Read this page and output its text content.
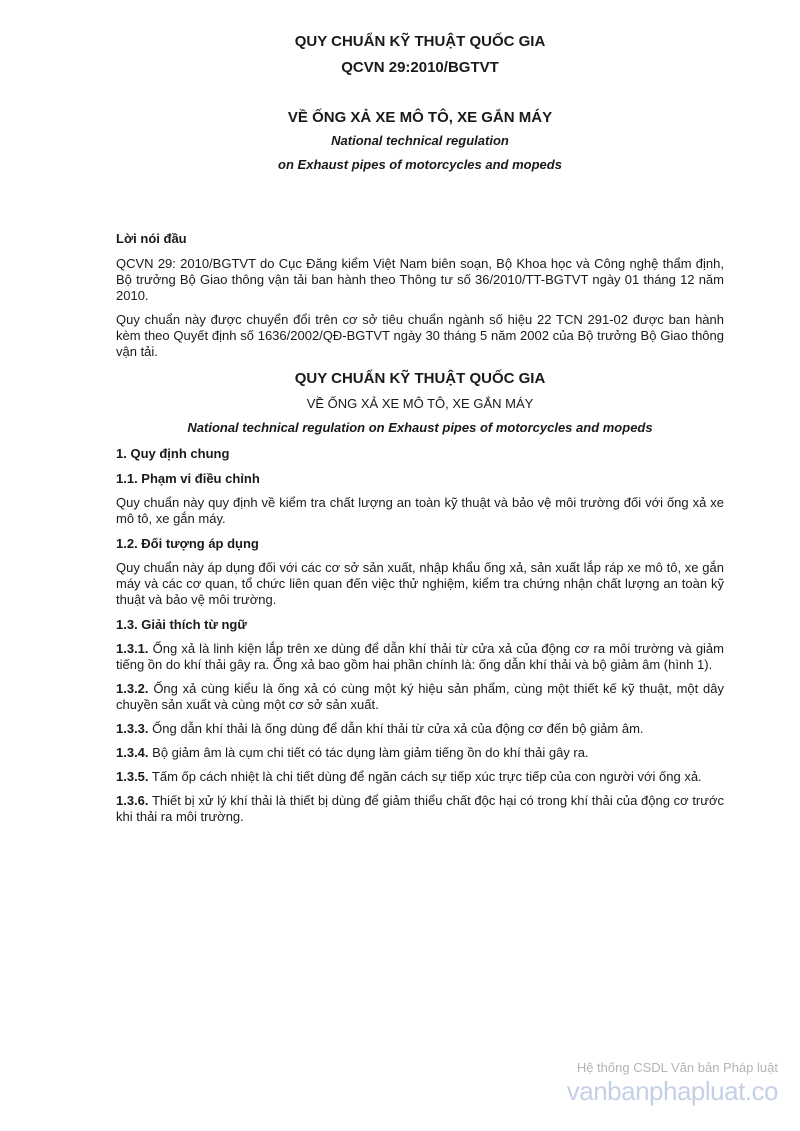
QUY CHUẨN KỸ THUẬT QUỐC GIA
QCVN 29:2010/BGTVT
VỀ ỐNG XẢ XE MÔ TÔ, XE GẮN MÁY
National technical regulation
on Exhaust pipes of motorcycles and mopeds
Lời nói đầu

QCVN 29: 2010/BGTVT do Cục Đăng kiểm Việt Nam biên soạn, Bộ Khoa học và Công nghệ thẩm định, Bộ trưởng Bộ Giao thông vận tải ban hành theo Thông tư số 36/2010/TT-BGTVT ngày 01 tháng 12 năm 2010.

Quy chuẩn này được chuyển đổi trên cơ sở tiêu chuẩn ngành số hiệu 22 TCN 291-02 được ban hành kèm theo Quyết định số 1636/2002/QĐ-BGTVT ngày 30 tháng 5 năm 2002 của Bộ trưởng Bộ Giao thông vận tải.

QUY CHUẨN KỸ THUẬT QUỐC GIA
VỀ ỐNG XẢ XE MÔ TÔ, XE GẮN MÁY
National technical regulation on Exhaust pipes of motorcycles and mopeds
1. Quy định chung
1.1. Phạm vi điều chỉnh

Quy chuẩn này quy định về kiểm tra chất lượng an toàn kỹ thuật và bảo vệ môi trường đối với ống xả xe mô tô, xe gắn máy.

1.2. Đối tượng áp dụng

Quy chuẩn này áp dụng đối với các cơ sở sản xuất, nhập khẩu ống xả, sản xuất lắp ráp xe mô tô, xe gắn máy và các cơ quan, tổ chức liên quan đến việc thử nghiệm, kiểm tra chứng nhận chất lượng an toàn kỹ thuật và bảo vệ môi trường.

1.3. Giải thích từ ngữ

1.3.1. Ống xả là linh kiện lắp trên xe dùng để dẫn khí thải từ cửa xả của động cơ ra môi trường và giảm tiếng ồn do khí thải gây ra. Ống xả bao gồm hai phần chính là: ống dẫn khí thải và bộ giảm âm (hình 1).

1.3.2. Ống xả cùng kiểu là ống xả có cùng một ký hiệu sản phẩm, cùng một thiết kế kỹ thuật, một dây chuyền sản xuất và cùng một cơ sở sản xuất.

1.3.3. Ống dẫn khí thải là ống dùng để dẫn khí thải từ cửa xả của động cơ đến bộ giảm âm.

1.3.4. Bộ giảm âm là cụm chi tiết có tác dụng làm giảm tiếng ồn do khí thải gây ra.

1.3.5. Tấm ốp cách nhiệt là chi tiết dùng để ngăn cách sự tiếp xúc trực tiếp của con người với ống xả.

1.3.6. Thiết bị xử lý khí thải là thiết bị dùng để giảm thiểu chất độc hại có trong khí thải của động cơ trước khi thải ra môi trường.

Hệ thống CSDL Văn bản Pháp luật
vanbanphapluat.co
